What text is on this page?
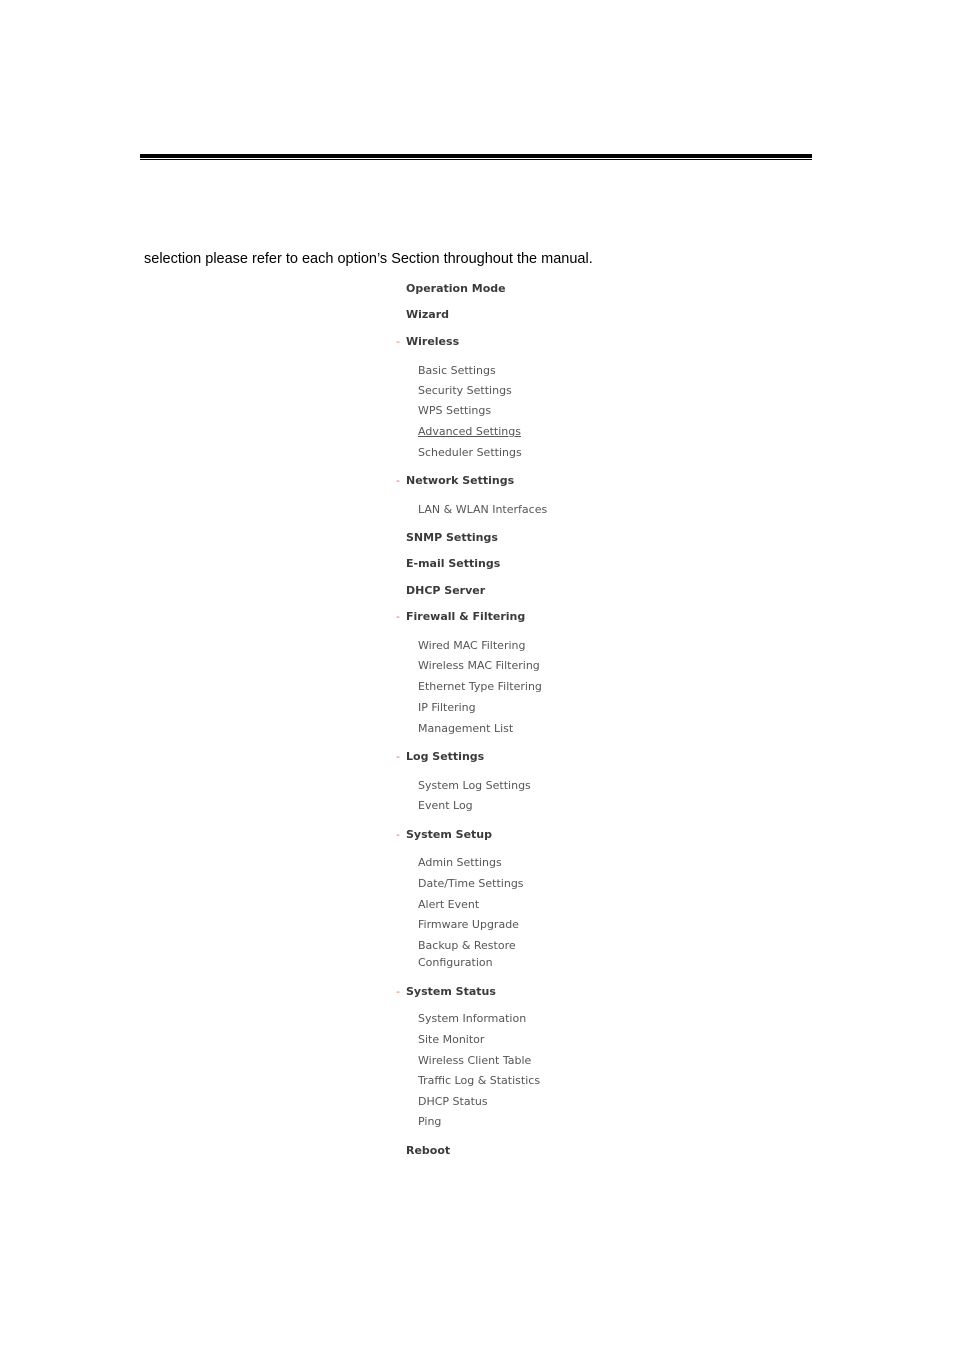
selection please refer to each option’s Section throughout the manual.
Operation Mode
Wizard
- Wireless
Basic Settings
Security Settings
WPS Settings
Advanced Settings
Scheduler Settings
- Network Settings
LAN & WLAN Interfaces
SNMP Settings
E-mail Settings
DHCP Server
- Firewall & Filtering
Wired MAC Filtering
Wireless MAC Filtering
Ethernet Type Filtering
IP Filtering
Management List
- Log Settings
System Log Settings
Event Log
- System Setup
Admin Settings
Date/Time Settings
Alert Event
Firmware Upgrade
Backup & Restore
Configuration
- System Status
System Information
Site Monitor
Wireless Client Table
Traffic Log & Statistics
DHCP Status
Ping
Reboot
